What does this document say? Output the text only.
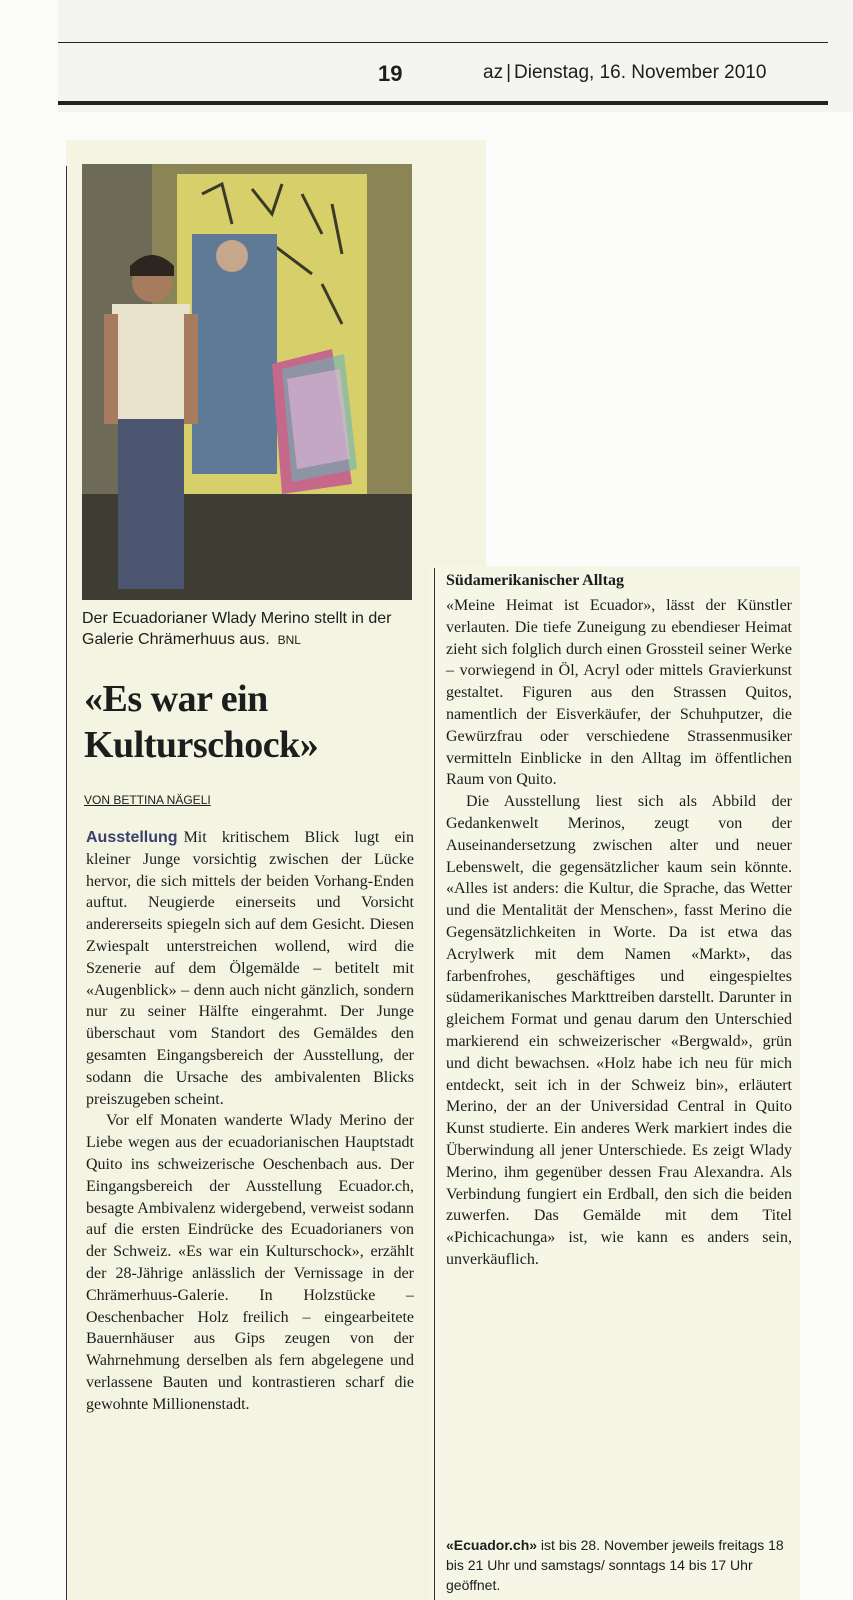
19	az | Dienstag, 16. November 2010
Der Ecuadorianer Wlady Merino stellt in der Galerie Chrämerhuus aus. BNL
«Es war ein Kulturschock»
VON BETTINA NÄGELI

Ausstellung Mit kritischem Blick lugt ein kleiner Junge vorsichtig zwischen der Lücke hervor, die sich mittels der beiden Vorhang-Enden auftut. Neugierde einerseits und Vorsicht andererseits spiegeln sich auf dem Gesicht. Diesen Zwiespalt unterstreichen wollend, wird die Szenerie auf dem Ölgemälde – betitelt mit «Augenblick» – denn auch nicht gänzlich, sondern nur zu seiner Hälfte eingerahmt. Der Junge überschaut vom Standort des Gemäldes den gesamten Eingangsbereich der Ausstellung, der sodann die Ursache des ambivalenten Blicks preiszugeben scheint.

Vor elf Monaten wanderte Wlady Merino der Liebe wegen aus der ecuadorianischen Hauptstadt Quito ins schweizerische Oeschenbach aus. Der Eingangsbereich der Ausstellung Ecuador.ch, besagte Ambivalenz widergebend, verweist sodann auf die ersten Eindrücke des Ecuadorianers von der Schweiz. «Es war ein Kulturschock», erzählt der 28-Jährige anlässlich der Vernissage in der Chrämerhuus-Galerie. In Holzstücke – Oeschenbacher Holz freilich – eingearbeitete Bauernhäuser aus Gips zeugen von der Wahrnehmung derselben als fern abgelegene und verlassene Bauten und kontrastieren scharf die gewohnte Millionenstadt.

Südamerikanischer Alltag

«Meine Heimat ist Ecuador», lässt der Künstler verlauten. Die tiefe Zuneigung zu ebendieser Heimat zieht sich folglich durch einen Grossteil seiner Werke – vorwiegend in Öl, Acryl oder mittels Gravierkunst gestaltet. Figuren aus den Strassen Quitos, namentlich der Eisverkäufer, der Schuhputzer, die Gewürzfrau oder verschiedene Strassenmusiker vermitteln Einblicke in den Alltag im öffentlichen Raum von Quito.

Die Ausstellung liest sich als Abbild der Gedankenwelt Merinos, zeugt von der Auseinandersetzung zwischen alter und neuer Lebenswelt, die gegensätzlicher kaum sein könnte. «Alles ist anders: die Kultur, die Sprache, das Wetter und die Mentalität der Menschen», fasst Merino die Gegensätzlichkeiten in Worte. Da ist etwa das Acrylwerk mit dem Namen «Markt», das farbenfrohes, geschäftiges und eingespieltes südamerikanisches Markttreiben darstellt. Darunter in gleichem Format und genau darum den Unterschied markierend ein schweizerischer «Bergwald», grün und dicht bewachsen. «Holz habe ich neu für mich entdeckt, seit ich in der Schweiz bin», erläutert Merino, der an der Universidad Central in Quito Kunst studierte. Ein anderes Werk markiert indes die Überwindung all jener Unterschiede. Es zeigt Wlady Merino, ihm gegenüber dessen Frau Alexandra. Als Verbindung fungiert ein Erdball, den sich die beiden zuwerfen. Das Gemälde mit dem Titel «Pichicachunga» ist, wie kann es anders sein, unverkäuflich.

«Ecuador.ch» ist bis 28. November jeweils freitags 18 bis 21 Uhr und samstags/ sonntags 14 bis 17 Uhr geöffnet.
